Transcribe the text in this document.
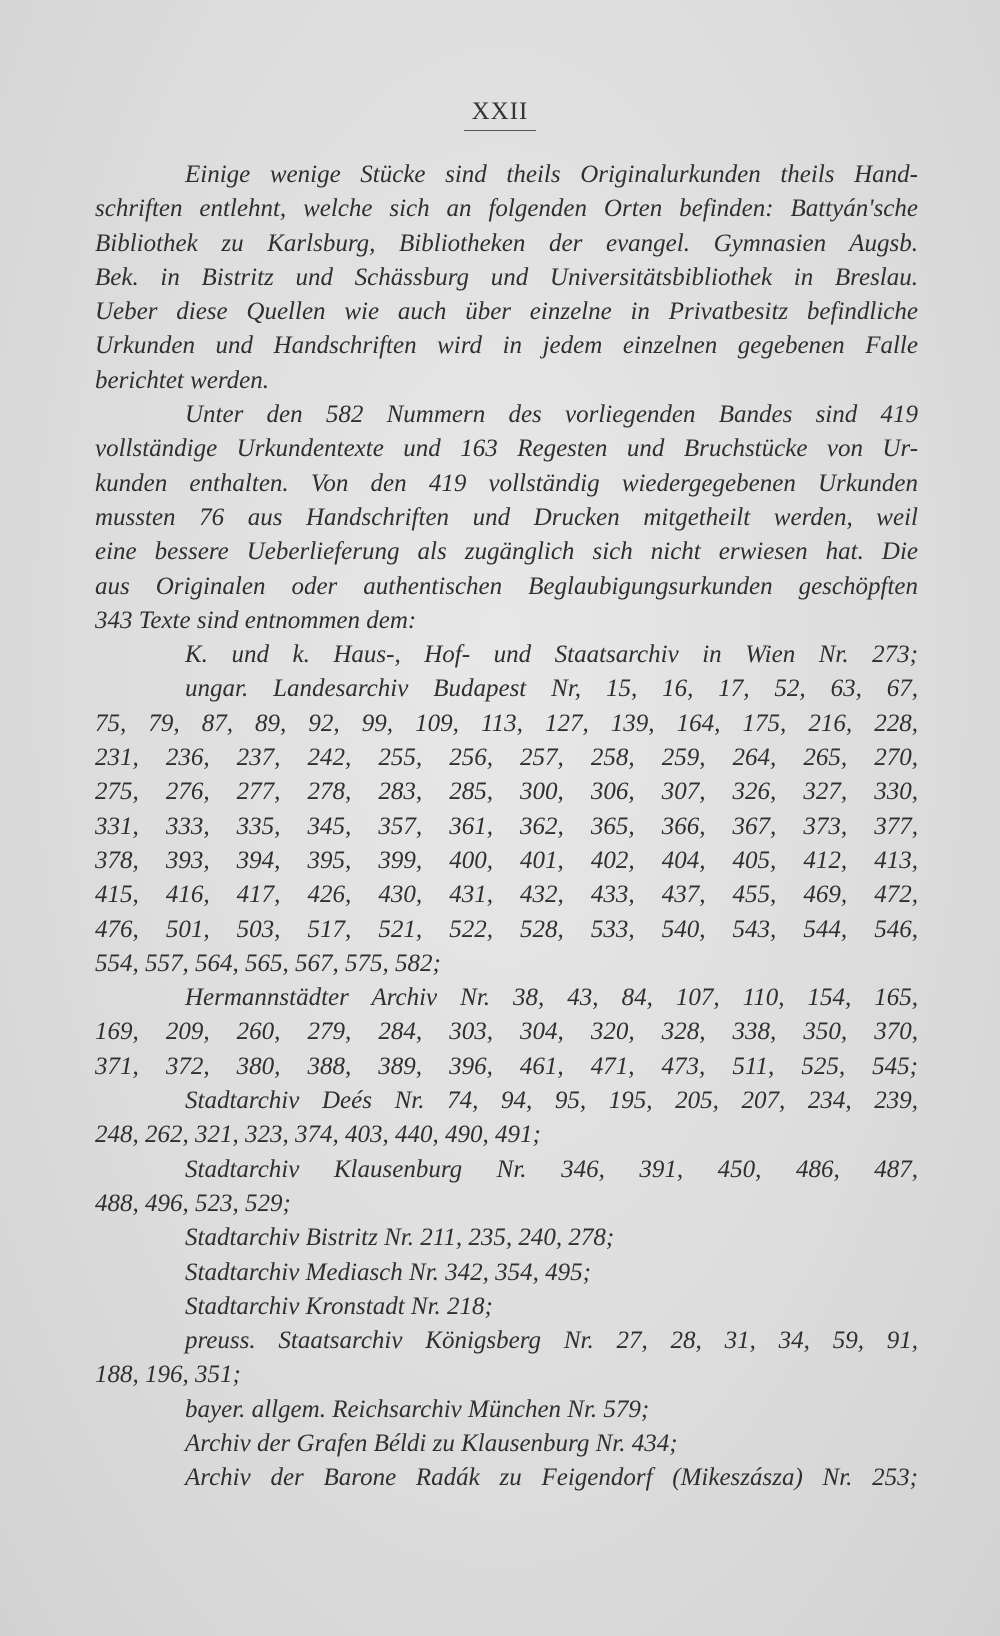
XXII
Einige wenige Stücke sind theils Originalurkunden theils Hand-
schriften entlehnt, welche sich an folgenden Orten befinden: Battyán'sche
Bibliothek zu Karlsburg, Bibliotheken der evangel. Gymnasien Augsb.
Bek. in Bistritz und Schässburg und Universitätsbibliothek in Breslau.
Ueber diese Quellen wie auch über einzelne in Privatbesitz befindliche
Urkunden und Handschriften wird in jedem einzelnen gegebenen Falle
berichtet werden.
Unter den 582 Nummern des vorliegenden Bandes sind 419
vollständige Urkundentexte und 163 Regesten und Bruchstücke von Ur-
kunden enthalten. Von den 419 vollständig wiedergegebenen Urkunden
mussten 76 aus Handschriften und Drucken mitgetheilt werden, weil
eine bessere Ueberlieferung als zugänglich sich nicht erwiesen hat. Die
aus Originalen oder authentischen Beglaubigungsurkunden geschöpften
343 Texte sind entnommen dem:
K. und k. Haus-, Hof- und Staatsarchiv in Wien Nr. 273;
ungar. Landesarchiv Budapest Nr, 15, 16, 17, 52, 63, 67,
75, 79, 87, 89, 92, 99, 109, 113, 127, 139, 164, 175, 216, 228,
231, 236, 237, 242, 255, 256, 257, 258, 259, 264, 265, 270,
275, 276, 277, 278, 283, 285, 300, 306, 307, 326, 327, 330,
331, 333, 335, 345, 357, 361, 362, 365, 366, 367, 373, 377,
378, 393, 394, 395, 399, 400, 401, 402, 404, 405, 412, 413,
415, 416, 417, 426, 430, 431, 432, 433, 437, 455, 469, 472,
476, 501, 503, 517, 521, 522, 528, 533, 540, 543, 544, 546,
554, 557, 564, 565, 567, 575, 582;
Hermannstädter Archiv Nr. 38, 43, 84, 107, 110, 154, 165,
169, 209, 260, 279, 284, 303, 304, 320, 328, 338, 350, 370,
371, 372, 380, 388, 389, 396, 461, 471, 473, 511, 525, 545;
Stadtarchiv Deés Nr. 74, 94, 95, 195, 205, 207, 234, 239,
248, 262, 321, 323, 374, 403, 440, 490, 491;
Stadtarchiv Klausenburg Nr. 346, 391, 450, 486, 487,
488, 496, 523, 529;
Stadtarchiv Bistritz Nr. 211, 235, 240, 278;
Stadtarchiv Mediasch Nr. 342, 354, 495;
Stadtarchiv Kronstadt Nr. 218;
preuss. Staatsarchiv Königsberg Nr. 27, 28, 31, 34, 59, 91,
188, 196, 351;
bayer. allgem. Reichsarchiv München Nr. 579;
Archiv der Grafen Béldi zu Klausenburg Nr. 434;
Archiv der Barone Radák zu Feigendorf (Mikeszásza) Nr. 253;
